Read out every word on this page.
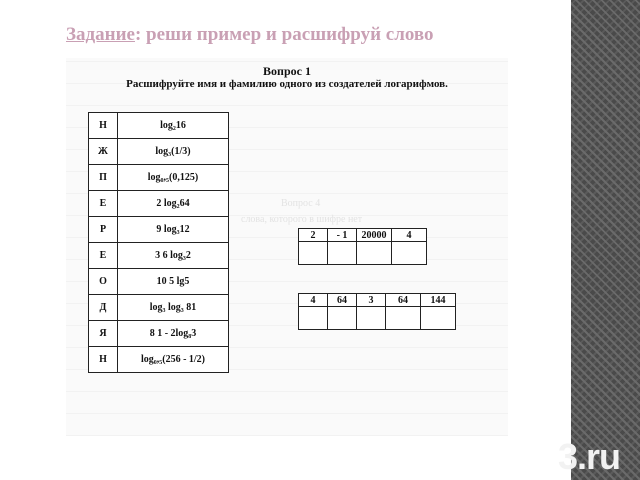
Задание: реши пример и расшифруй слово
3.ru
Вопрос 4
слова, которого в шифре нет
Вопрос 1
Расшифруйте имя и фамилию одного из создателей логарифмов.
Н	log₂16
Ж	log₃(1/3)
П	log₀,₅(0,125)
Е	2 log₂64
Р	9 log₃12
Е	3 6 log₃2
О	10 5 lg5
Д	log₃ log₃ 81
Я	8 1 - 2log₈3
Н	log₀,₅(256 - 1/2)
2	- 1	20000	4

4	64	3	64	144
